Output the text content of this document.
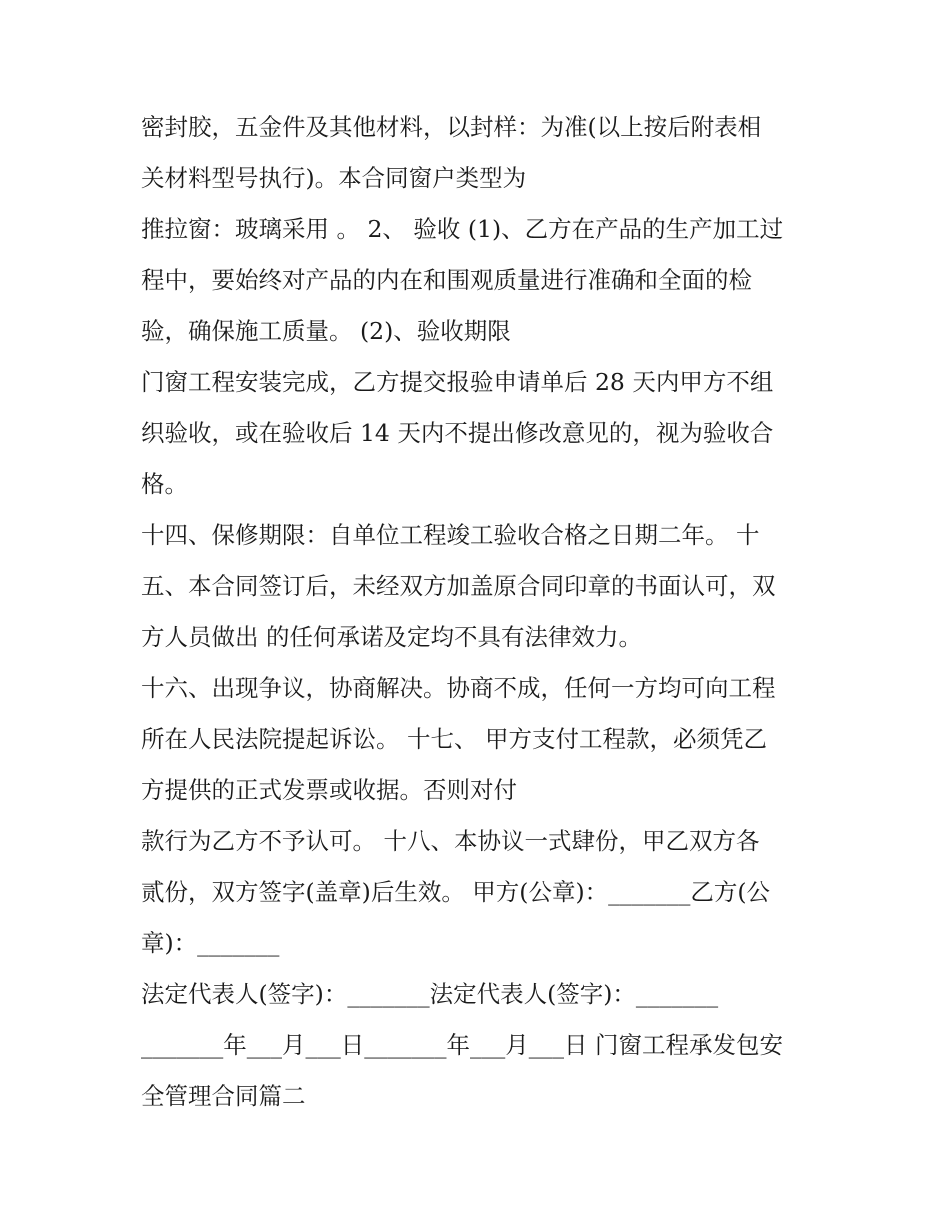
密封胶，五金件及其他材料，以封样：为准(以上按后附表相
关材料型号执行)。本合同窗户类型为
推拉窗：玻璃采用 。 2、 验收 (1)、乙方在产品的生产加工过
程中，要始终对产品的内在和围观质量进行准确和全面的检
验，确保施工质量。 (2)、验收期限
门窗工程安装完成，乙方提交报验申请单后 28 天内甲方不组
织验收，或在验收后 14 天内不提出修改意见的，视为验收合
格。
十四、保修期限：自单位工程竣工验收合格之日期二年。 十
五、本合同签订后，未经双方加盖原合同印章的书面认可，双
方人员做出 的任何承诺及定均不具有法律效力。
十六、出现争议，协商解决。协商不成，任何一方均可向工程
所在人民法院提起诉讼。 十七、 甲方支付工程款，必须凭乙
方提供的正式发票或收据。否则对付
款行为乙方不予认可。 十八、本协议一式肆份，甲乙双方各
贰份，双方签字(盖章)后生效。 甲方(公章)：_______乙方(公
章)：_______
法定代表人(签字)：_______法定代表人(签字)：_______
_______年___月___日_______年___月___日 门窗工程承发包安
全管理合同篇二
